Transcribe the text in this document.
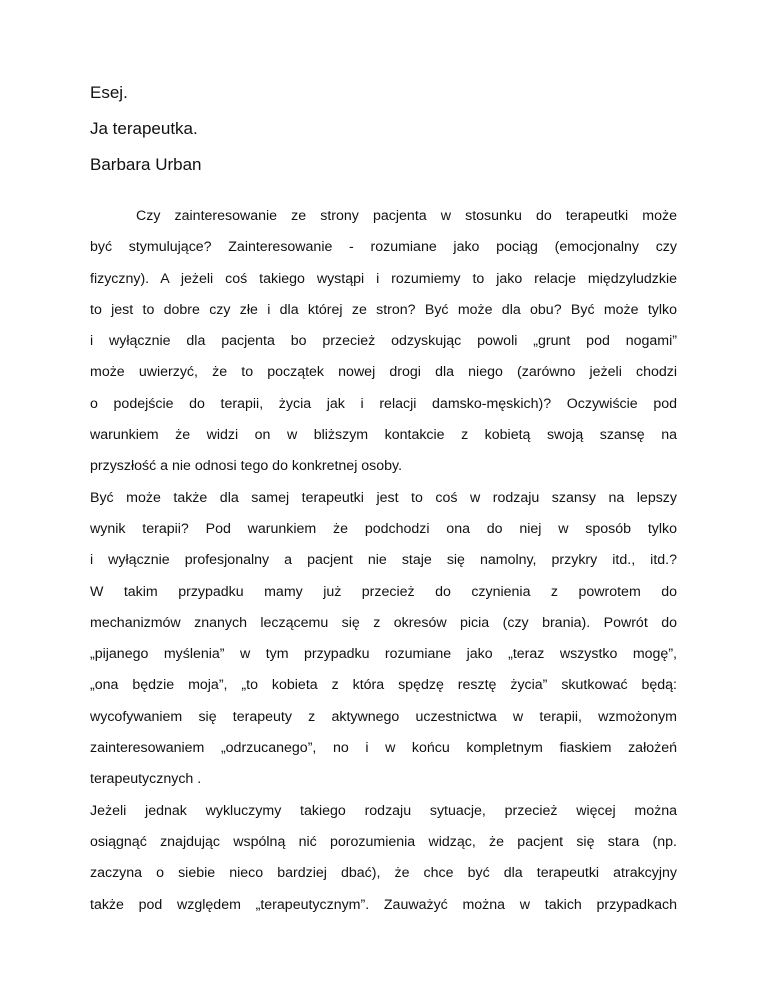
Esej.
Ja terapeutka.
Barbara Urban
Czy zainteresowanie ze strony pacjenta w stosunku do terapeutki może
być stymulujące? Zainteresowanie - rozumiane jako pociąg (emocjonalny czy
fizyczny). A jeżeli coś takiego wystąpi i rozumiemy to jako relacje międzyludzkie
to jest to dobre czy złe i dla której ze stron? Być może dla obu? Być może tylko
i wyłącznie dla pacjenta bo przecież odzyskując powoli „grunt pod nogami”
może uwierzyć, że to początek nowej drogi dla niego (zarówno jeżeli chodzi
o podejście do terapii, życia jak i relacji damsko-męskich)? Oczywiście pod
warunkiem że widzi on w bliższym kontakcie z kobietą swoją szansę na
przyszłość a nie odnosi tego do konkretnej osoby.
Być może także dla samej terapeutki jest to coś w rodzaju szansy na lepszy
wynik terapii? Pod warunkiem że podchodzi ona do niej w sposób tylko
i wyłącznie profesjonalny a pacjent nie staje się namolny, przykry itd., itd.?
W takim przypadku mamy już przecież do czynienia z powrotem do
mechanizmów znanych leczącemu się z okresów picia (czy brania). Powrót do
„pijanego myślenia” w tym przypadku rozumiane jako „teraz wszystko mogę”,
„ona będzie moja”, „to kobieta z która spędzę resztę życia” skutkować będą:
wycofywaniem się terapeuty z aktywnego uczestnictwa w terapii, wzmożonym
zainteresowaniem „odrzucanego”, no i w końcu kompletnym fiaskiem założeń
terapeutycznych .
Jeżeli jednak wykluczymy takiego rodzaju sytuacje, przecież więcej można
osiągnąć znajdując wspólną nić porozumienia widząc, że pacjent się stara (np.
zaczyna o siebie nieco bardziej dbać), że chce być dla terapeutki atrakcyjny
także pod względem „terapeutycznym”. Zauważyć można w takich przypadkach
